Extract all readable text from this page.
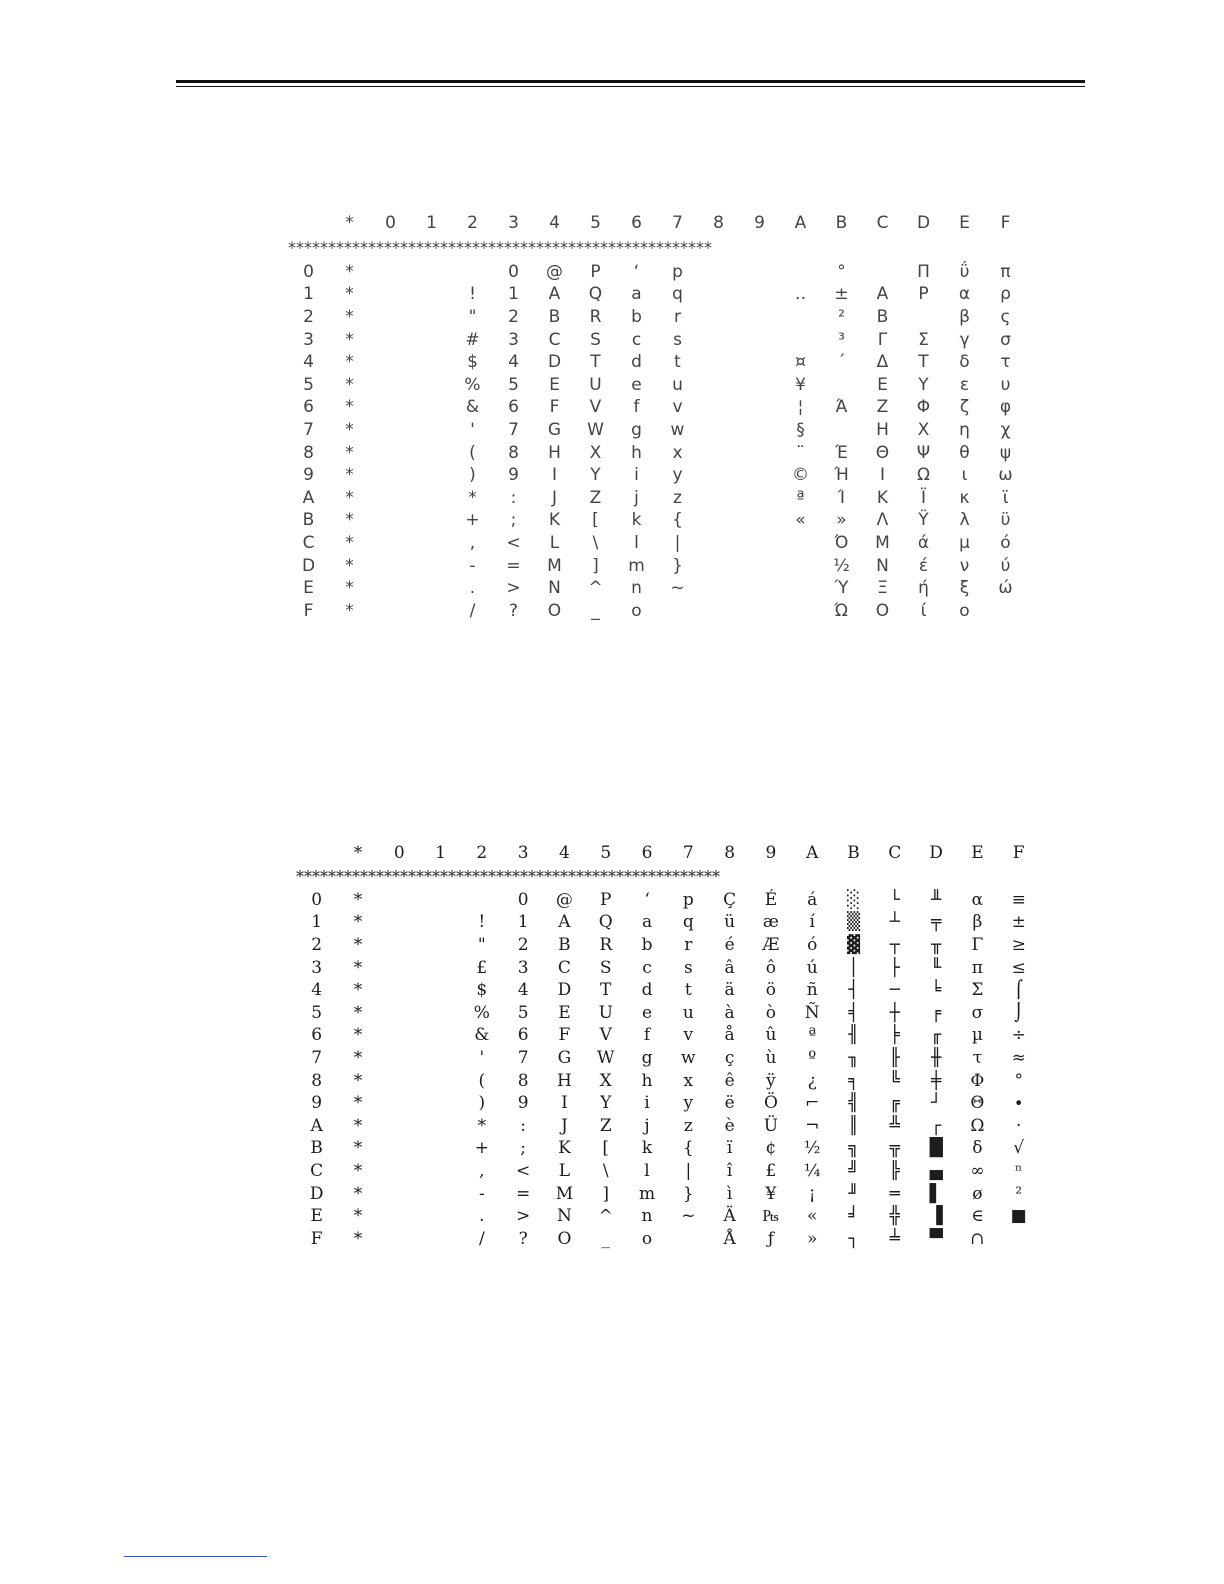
	*	0	1	2	3	4	5	6	7	8	9	A	B	C	D	E	F
*****************************************************																	
0	*				0	@	P	‘	p				°		Π	ΰ	π
1	*			!	1	A	Q	a	q			‥	±	Α	Ρ	α	ρ
2	*			"	2	B	R	b	r				²	Β		β	ς
3	*			#	3	C	S	c	s				³	Γ	Σ	γ	σ
4	*			$	4	D	T	d	t			¤	΄	Δ	Τ	δ	τ
5	*			%	5	E	U	e	u			¥		Ε	Υ	ε	υ
6	*			&	6	F	V	f	v			¦	Ά	Ζ	Φ	ζ	φ
7	*			'	7	G	W	g	w			§		Η	Χ	η	χ
8	*			(	8	H	X	h	x			¨	Έ	Θ	Ψ	θ	ψ
9	*			)	9	I	Y	i	y			©	Ή	Ι	Ω	ι	ω
A	*			*	:	J	Z	j	z			ª	Ί	Κ	Ϊ	κ	ϊ
B	*			+	;	K	[	k	{			«	»	Λ	Ϋ	λ	ϋ
C	*			,	<	L	\	l	|				Ό	Μ	ά	μ	ό
D	*			-	=	M	]	m	}				½	Ν	έ	ν	ύ
E	*			.	>	N	^	n	~				Ύ	Ξ	ή	ξ	ώ
F	*			/	?	O	_	o					Ώ	Ο	ί	ο	
	*	0	1	2	3	4	5	6	7	8	9	A	B	C	D	E	F
*****************************************************																	
0	*				0	@	P	‘	p	Ç	É	á	░	└	╨	α	≡
1	*			!	1	A	Q	a	q	ü	æ	í	▒	┴	╤	β	±
2	*			"	2	B	R	b	r	é	Æ	ó	▓	┬	╥	Γ	≥
3	*			£	3	C	S	c	s	â	ô	ú	│	├	╙	π	≤
4	*			$	4	D	T	d	t	ä	ö	ñ	┤	─	╘	Σ	⌠
5	*			%	5	E	U	e	u	à	ò	Ñ	╡	┼	╒	σ	⌡
6	*			&	6	F	V	f	v	å	û	ª	╢	╞	╓	µ	÷
7	*			'	7	G	W	g	w	ç	ù	º	╖	╟	╫	τ	≈
8	*			(	8	H	X	h	x	ê	ÿ	¿	╕	╚	╪	Φ	°
9	*			)	9	I	Y	i	y	ë	Ö	⌐	╣	╔	┘	Θ	∙
A	*			*	:	J	Z	j	z	è	Ü	¬	║	╩	┌	Ω	·
B	*			+	;	K	[	k	{	ï	¢	½	╗	╦	█	δ	√
C	*			,	<	L	\	l	|	î	£	¼	╝	╠	▄	∞	ⁿ
D	*			-	=	M	]	m	}	ì	¥	¡	╜	═	▌	ø	²
E	*			.	>	N	^	n	~	Ä	₧	«	╛	╬	▐	∈	■
F	*			/	?	O	_	o		Å	ƒ	»	┐	╧	▀	∩	
